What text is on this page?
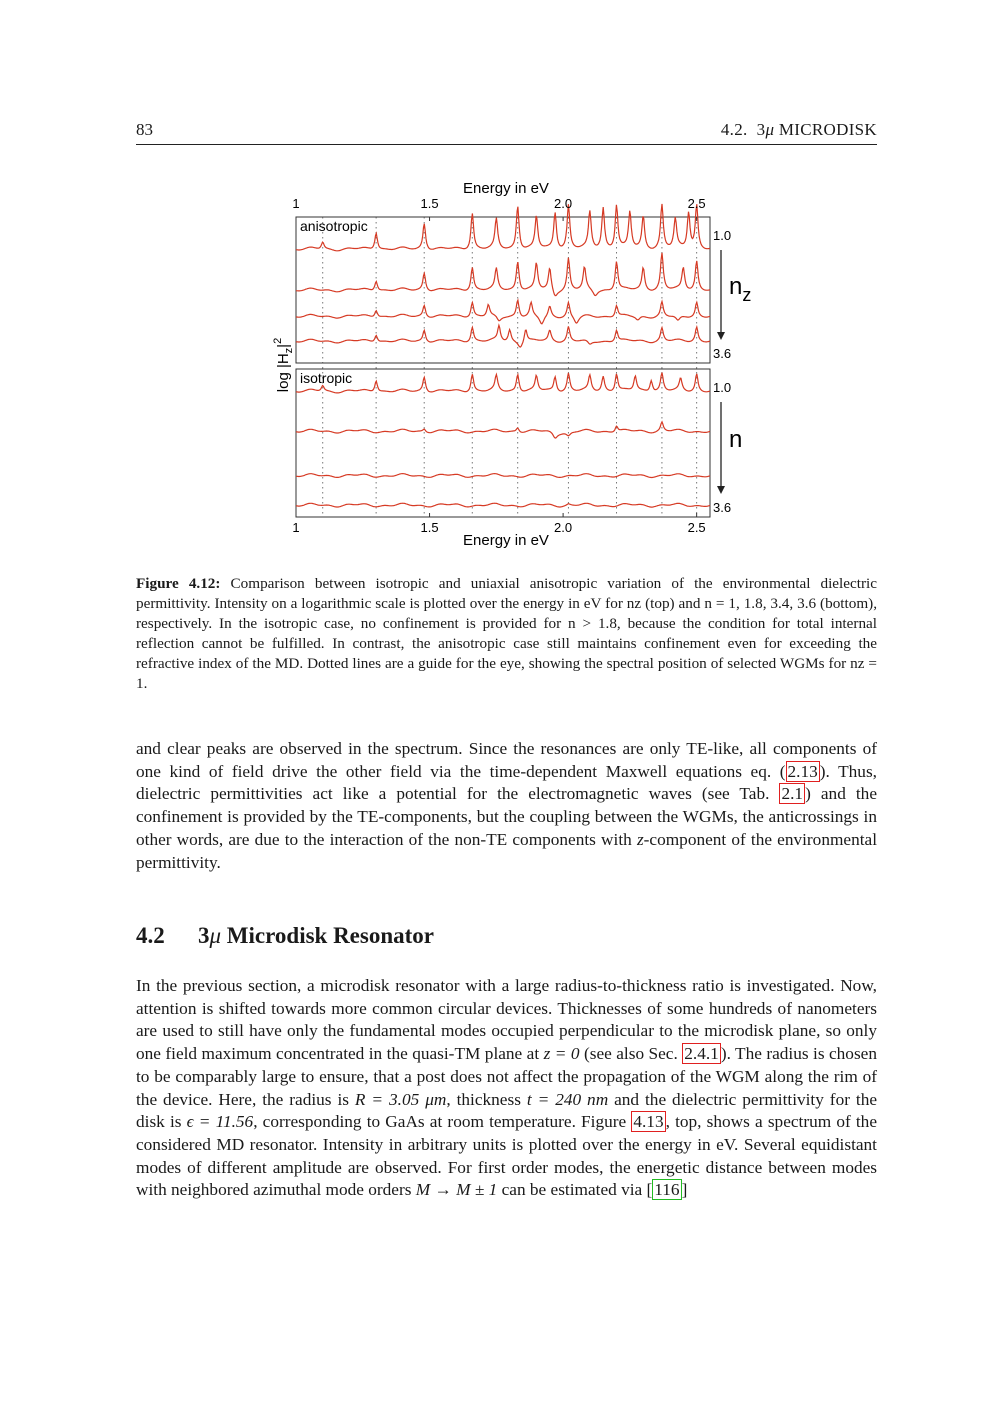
83	4.2. 3μ MICRODISK
1
1
1.5
1.5
2.0
2.0
2.5
2.5
Energy in eV
Energy in eV
$\log |H_z|^2$
anisotropic
1.0
3.6
$n_z$
isotropic
1.0
3.6
n
Figure 4.12: Comparison between isotropic and uniaxial anisotropic variation of the environmental dielectric permittivity. Intensity on a logarithmic scale is plotted over the energy in eV for nz (top) and n = 1, 1.8, 3.4, 3.6 (bottom), respectively. In the isotropic case, no confinement is provided for n > 1.8, because the condition for total internal reflection cannot be fulfilled. In contrast, the anisotropic case still maintains confinement even for exceeding the refractive index of the MD. Dotted lines are a guide for the eye, showing the spectral position of selected WGMs for nz = 1.
and clear peaks are observed in the spectrum. Since the resonances are only TE-like, all components of one kind of field drive the other field via the time-dependent Maxwell equations eq. ( 2.13 ). Thus, dielectric permittivities act like a potential for the electromagnetic waves (see Tab. 2.1 ) and the confinement is provided by the TE-components, but the coupling between the WGMs, the anticrossings in other words, are due to the interaction of the non-TE components with z-component of the environmental permittivity.
4.2 3μ Microdisk Resonator
In the previous section, a microdisk resonator with a large radius-to-thickness ratio is investigated. Now, attention is shifted towards more common circular devices. Thicknesses of some hundreds of nanometers are used to still have only the fundamental modes occupied perpendicular to the microdisk plane, so only one field maximum concentrated in the quasi-TM plane at z = 0 (see also Sec. 2.4.1 ). The radius is chosen to be comparably large to ensure, that a post does not affect the propagation of the WGM along the rim of the device. Here, the radius is R = 3.05 μm, thickness t = 240 nm and the dielectric permittivity for the disk is ϵ = 11.56, corresponding to GaAs at room temperature. Figure 4.13 , top, shows a spectrum of the considered MD resonator. Intensity in arbitrary units is plotted over the energy in eV. Several equidistant modes of different amplitude are observed. For first order modes, the energetic distance between modes with neighbored azimuthal mode orders M → M ± 1 can be estimated via [ 116 ]
